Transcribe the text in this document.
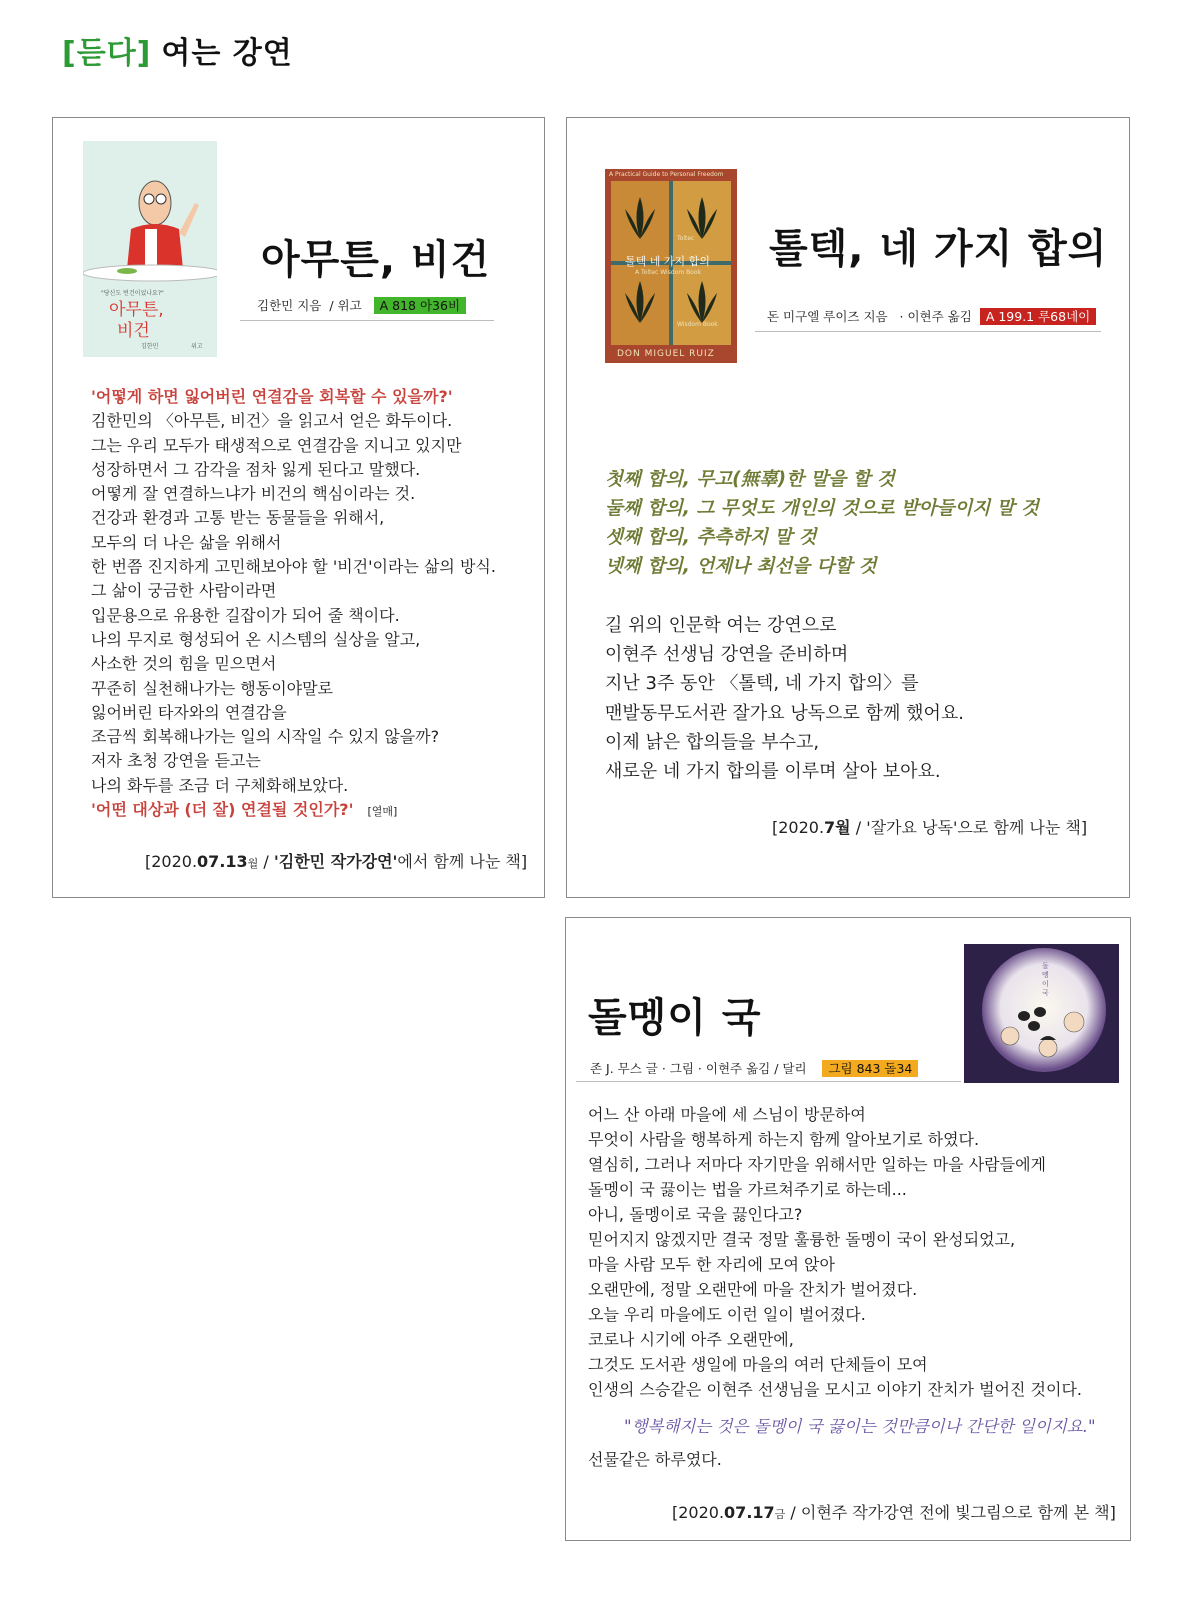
[듣다] 여는 강연
"당신도 번건이었나요?"
아무튼,
비건
김한민	위고
아무튼, 비건
김한민 지음 / 위고 A 818 아36비
'어떻게 하면 잃어버린 연결감을 회복할 수 있을까?'
김한민의 〈아무튼, 비건〉을 읽고서 얻은 화두이다.
그는 우리 모두가 태생적으로 연결감을 지니고 있지만
성장하면서 그 감각을 점차 잃게 된다고 말했다.
어떻게 잘 연결하느냐가 비건의 핵심이라는 것.
건강과 환경과 고통 받는 동물들을 위해서,
모두의 더 나은 삶을 위해서
한 번쯤 진지하게 고민해보아야 할 '비건'이라는 삶의 방식.
그 삶이 궁금한 사람이라면
입문용으로 유용한 길잡이가 되어 줄 책이다.
나의 무지로 형성되어 온 시스템의 실상을 알고,
사소한 것의 힘을 믿으면서
꾸준히 실천해나가는 행동이야말로
잃어버린 타자와의 연결감을
조금씩 회복해나가는 일의 시작일 수 있지 않을까?
저자 초청 강연을 듣고는
나의 화두를 조금 더 구체화해보았다.
'어떤 대상과 (더 잘) 연결될 것인가?' [열매]
[2020.07.13월 / '김한민 작가강연'에서 함께 나눈 책]
A Practical Guide to Personal Freedom
Toltec
톨텍 네 가지 합의
A Toltec Wisdom Book
Wisdom Book
DON MIGUEL RUIZ
톨텍, 네 가지 합의
돈 미구엘 루이즈 지음 · 이현주 옮김 A 199.1 루68네이
첫째 합의, 무고(無辜)한 말을 할 것
둘째 합의, 그 무엇도 개인의 것으로 받아들이지 말 것
셋째 합의, 추측하지 말 것
넷째 합의, 언제나 최선을 다할 것
길 위의 인문학 여는 강연으로
이현주 선생님 강연을 준비하며
지난 3주 동안 〈톨텍, 네 가지 합의〉를
맨발동무도서관 잘가요 낭독으로 함께 했어요.
이제 낡은 합의들을 부수고,
새로운 네 가지 합의를 이루며 살아 보아요.
[2020.7월 / '잘가요 낭독'으로 함께 나눈 책]
돌멩이 국
돌멩이 국
존 J. 무스 글 · 그림 · 이현주 옮김 / 달리 그림 843 돌34
어느 산 아래 마을에 세 스님이 방문하여
무엇이 사람을 행복하게 하는지 함께 알아보기로 하였다.
열심히, 그러나 저마다 자기만을 위해서만 일하는 마을 사람들에게
돌멩이 국 끓이는 법을 가르쳐주기로 하는데...
아니, 돌멩이로 국을 끓인다고?
믿어지지 않겠지만 결국 정말 훌륭한 돌멩이 국이 완성되었고,
마을 사람 모두 한 자리에 모여 앉아
오랜만에, 정말 오랜만에 마을 잔치가 벌어졌다.
오늘 우리 마을에도 이런 일이 벌어졌다.
코로나 시기에 아주 오랜만에,
그것도 도서관 생일에 마을의 여러 단체들이 모여
인생의 스승같은 이현주 선생님을 모시고 이야기 잔치가 벌어진 것이다.
"행복해지는 것은 돌멩이 국 끓이는 것만큼이나 간단한 일이지요."
선물같은 하루였다.
[2020.07.17금 / 이현주 작가강연 전에 빛그림으로 함께 본 책]
